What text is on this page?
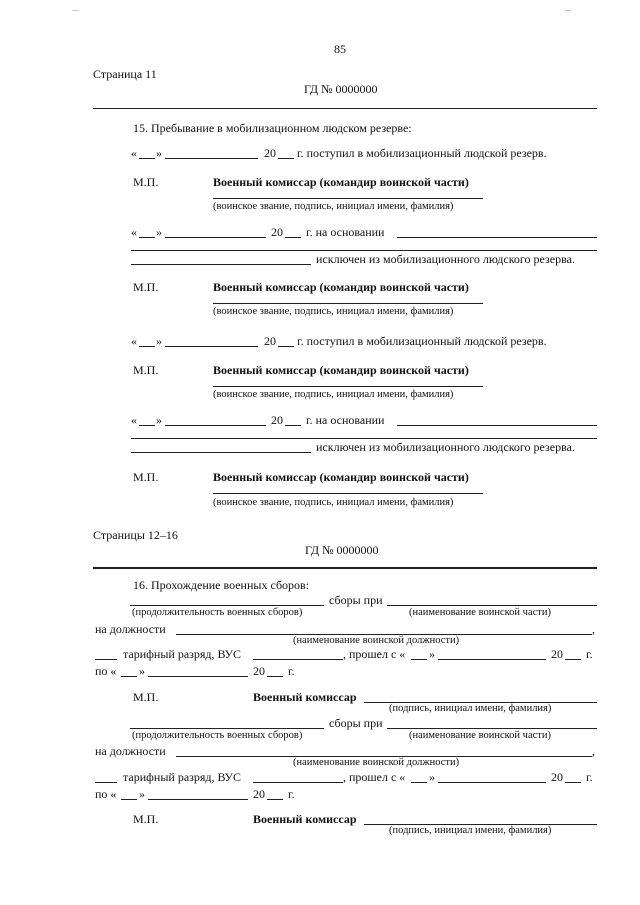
85
Страница 11
ГД № 0000000
15. Пребывание в мобилизационном людском резерве:
« »	20 г. поступил в мобилизационный людской резерв.
М.П.	Военный комиссар (командир воинской части)
(воинское звание, подпись, инициал имени, фамилия)
« »	20 г. на основании
исключен из мобилизационного людского резерва.
М.П.	Военный комиссар (командир воинской части)
(воинское звание, подпись, инициал имени, фамилия)
« »	20 г. поступил в мобилизационный людской резерв.
М.П.	Военный комиссар (командир воинской части)
(воинское звание, подпись, инициал имени, фамилия)
« »	20 г. на основании
исключен из мобилизационного людского резерва.
М.П.	Военный комиссар (командир воинской части)
(воинское звание, подпись, инициал имени, фамилия)
Страницы 12–16
ГД № 0000000
16. Прохождение военных сборов:
сборы при
(продолжительность военных сборов)	(наименование воинской части)
на должности	,
(наименование воинской должности)
тарифный разряд, ВУС	, прошел с « »	20 г.
по « »	20 г.
М.П.	Военный комиссар
(подпись, инициал имени, фамилия)
сборы при
(продолжительность военных сборов)	(наименование воинской части)
на должности	,
(наименование воинской должности)
тарифный разряд, ВУС	, прошел с « »	20 г.
по « »	20 г.
М.П.	Военный комиссар
(подпись, инициал имени, фамилия)
